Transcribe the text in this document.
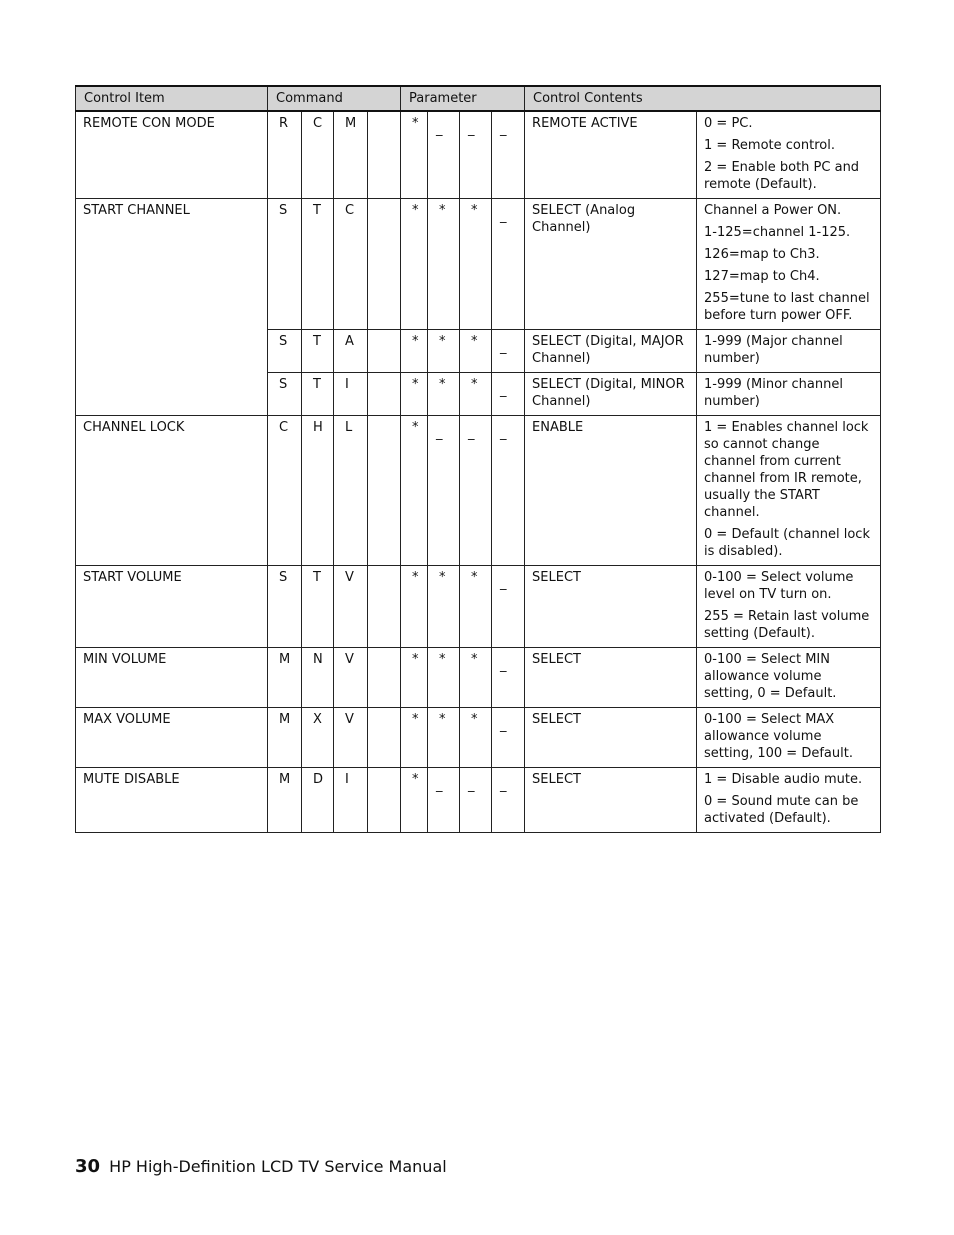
Control Item	Command				Parameter				Control Contents	
REMOTE CON MODE	R	C	M		*	_	_	_	REMOTE ACTIVE	0 = PC.
1 = Remote control.
2 = Enable both PC and remote (Default).

START CHANNEL	S	T	C		*	*	*	_	SELECT (Analog Channel)	Channel a Power ON.
1-125=channel 1-125.
126=map to Ch3.
127=map to Ch4.
255=tune to last channel before turn power OFF.

	S	T	A		*	*	*	_	SELECT (Digital, MAJOR Channel)	1-999 (Major channel number)

	S	T	I		*	*	*	_	SELECT (Digital, MINOR Channel)	1-999 (Minor channel number)

CHANNEL LOCK	C	H	L		*	_	_	_	ENABLE	1 = Enables channel lock so cannot change channel from current channel from IR remote, usually the START channel.
0 = Default (channel lock is disabled).

START VOLUME	S	T	V		*	*	*	_	SELECT	0-100 = Select volume level on TV turn on.
255 = Retain last volume setting (Default).

MIN VOLUME	M	N	V		*	*	*	_	SELECT	0-100 = Select MIN allowance volume setting, 0 = Default.

MAX VOLUME	M	X	V		*	*	*	_	SELECT	0-100 = Select MAX allowance volume setting, 100 = Default.

MUTE DISABLE	M	D	I		*	_	_	_	SELECT	1 = Disable audio mute.
0 = Sound mute can be activated (Default).
30 HP High-Definition LCD TV Service Manual
